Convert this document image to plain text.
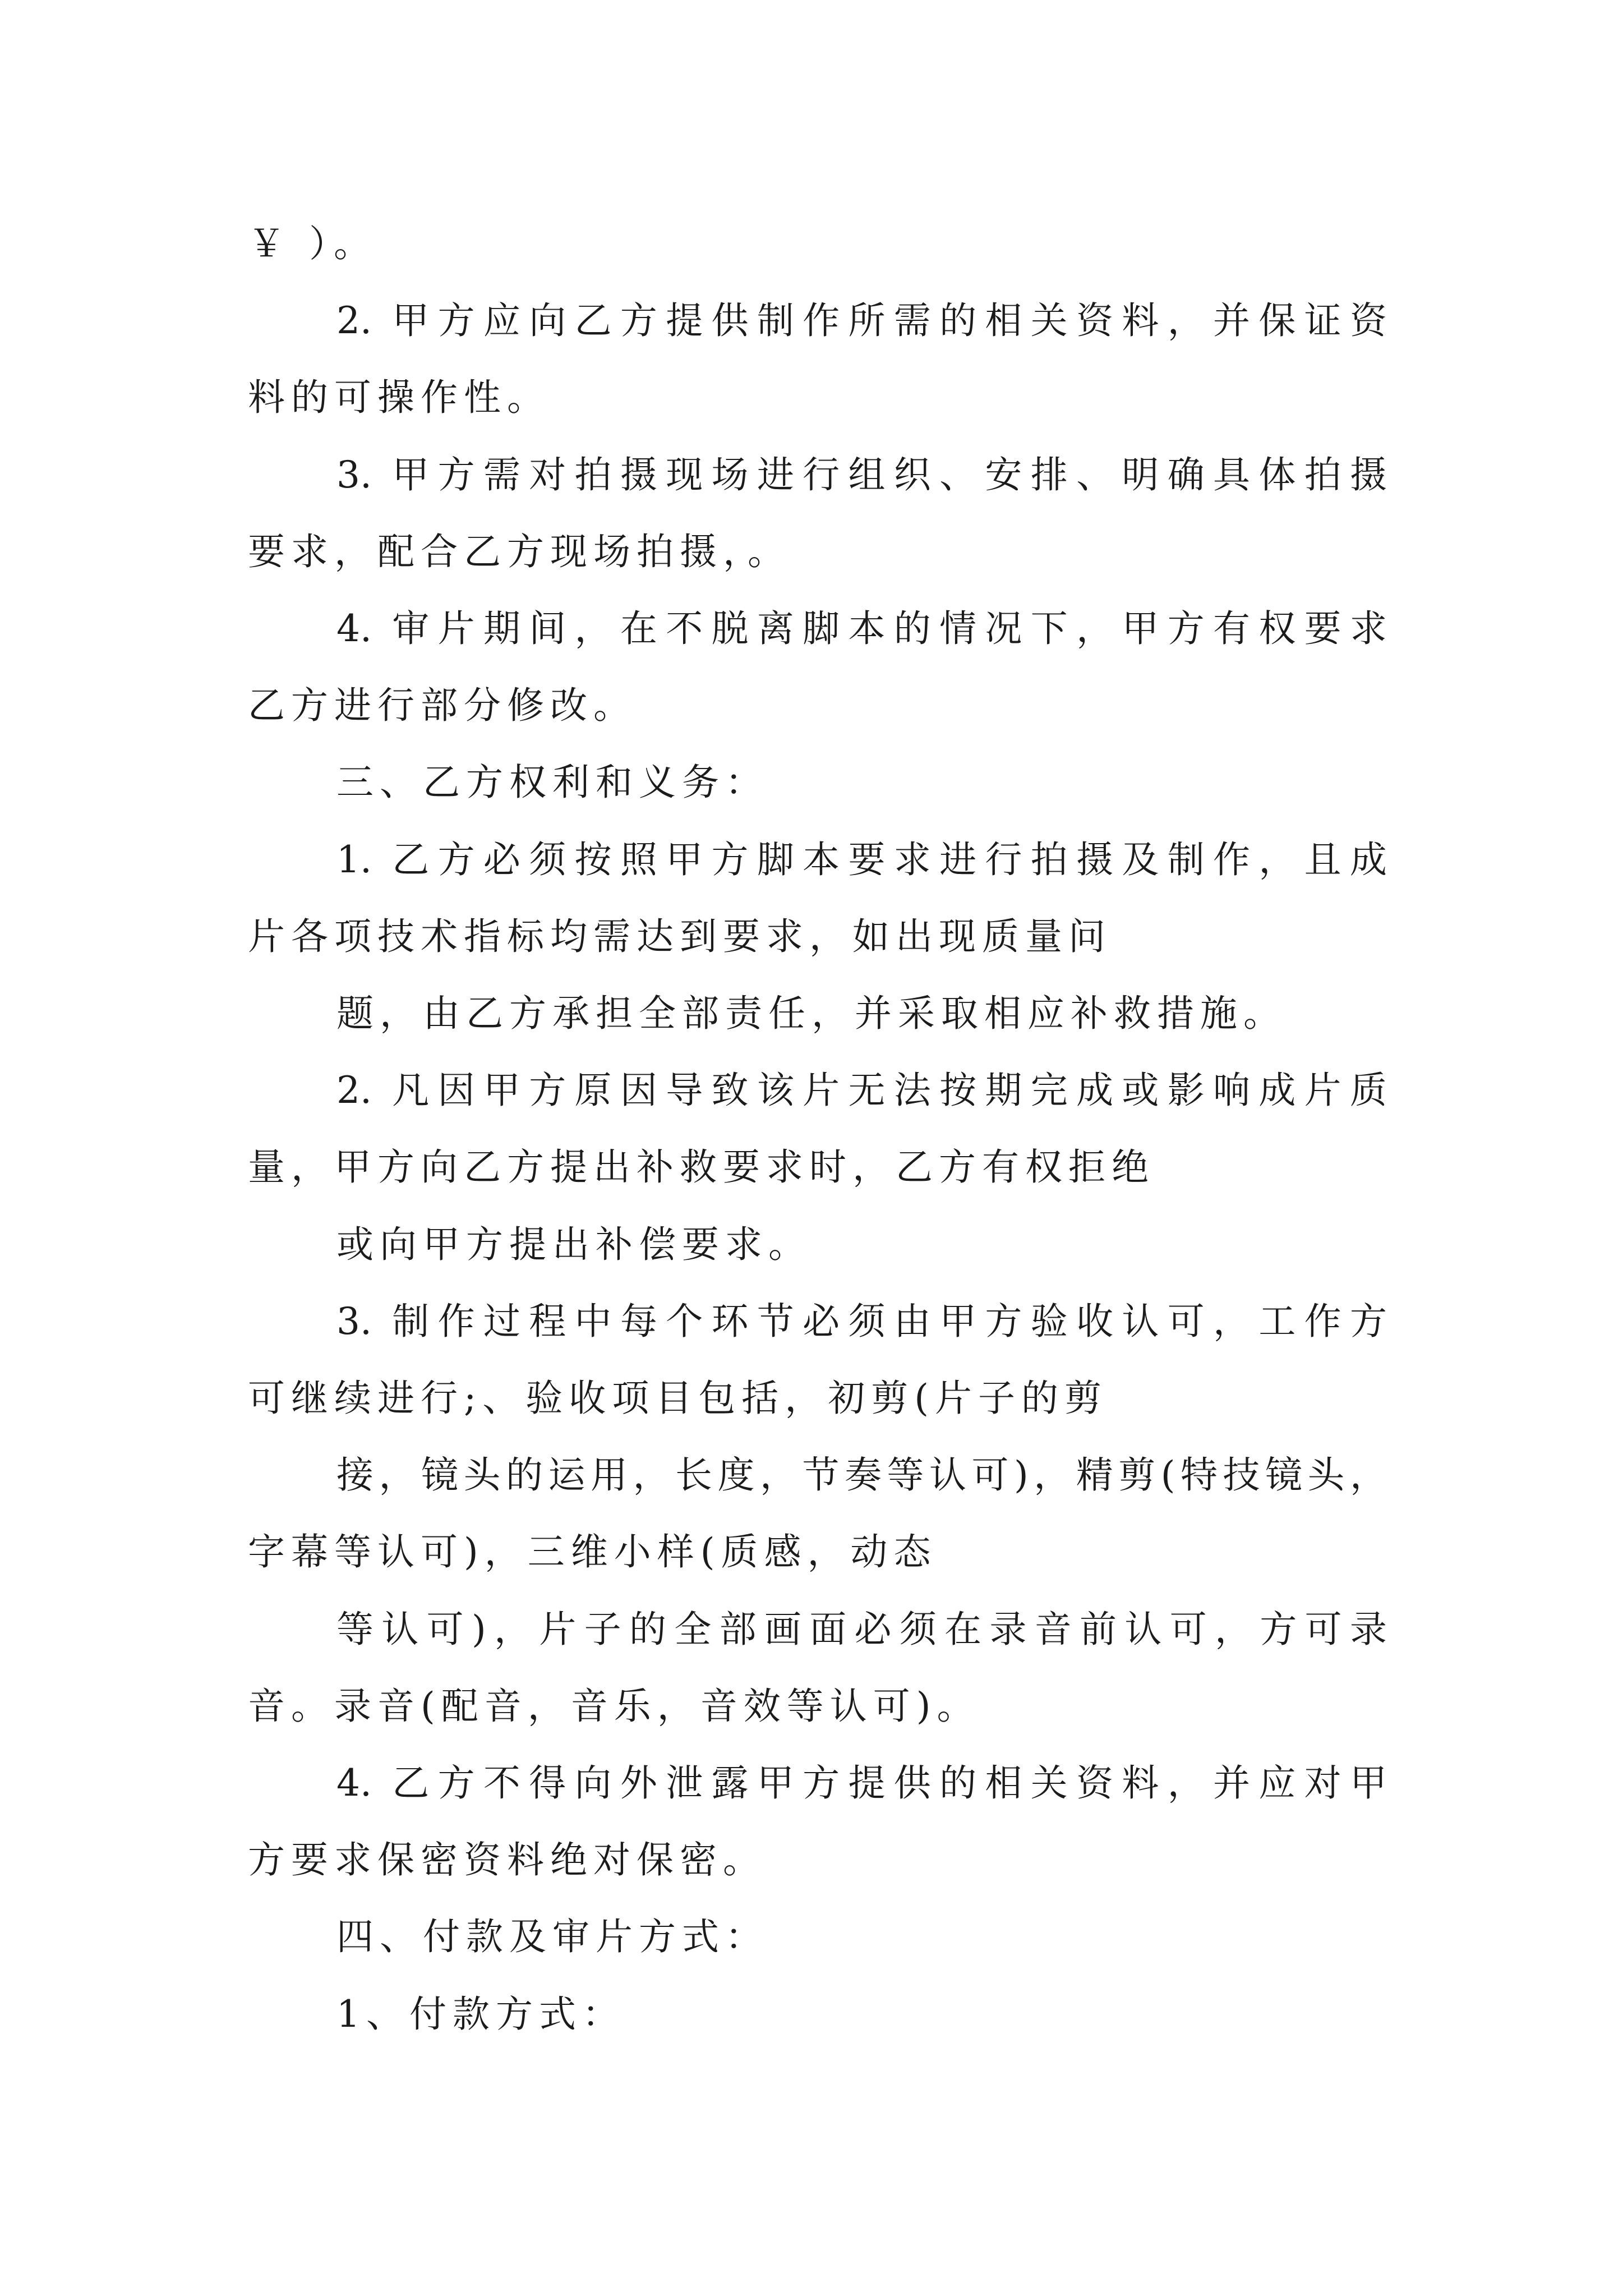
￥ ）。
2. 甲方应向乙方提供制作所需的相关资料，并保证资
料的可操作性。
3. 甲方需对拍摄现场进行组织、安排、明确具体拍摄
要求，配合乙方现场拍摄，。
4. 审片期间，在不脱离脚本的情况下，甲方有权要求
乙方进行部分修改。
三、乙方权利和义务：
1. 乙方必须按照甲方脚本要求进行拍摄及制作，且成
片各项技术指标均需达到要求，如出现质量问
题，由乙方承担全部责任，并采取相应补救措施。
2. 凡因甲方原因导致该片无法按期完成或影响成片质
量，甲方向乙方提出补救要求时，乙方有权拒绝
或向甲方提出补偿要求。
3. 制作过程中每个环节必须由甲方验收认可，工作方
可继续进行;、验收项目包括，初剪(片子的剪
接，镜头的运用，长度，节奏等认可)，精剪(特技镜头，
字幕等认可)，三维小样(质感，动态
等认可)，片子的全部画面必须在录音前认可，方可录
音。录音(配音，音乐，音效等认可)。
4. 乙方不得向外泄露甲方提供的相关资料，并应对甲
方要求保密资料绝对保密。
四、付款及审片方式：
1、付款方式：
